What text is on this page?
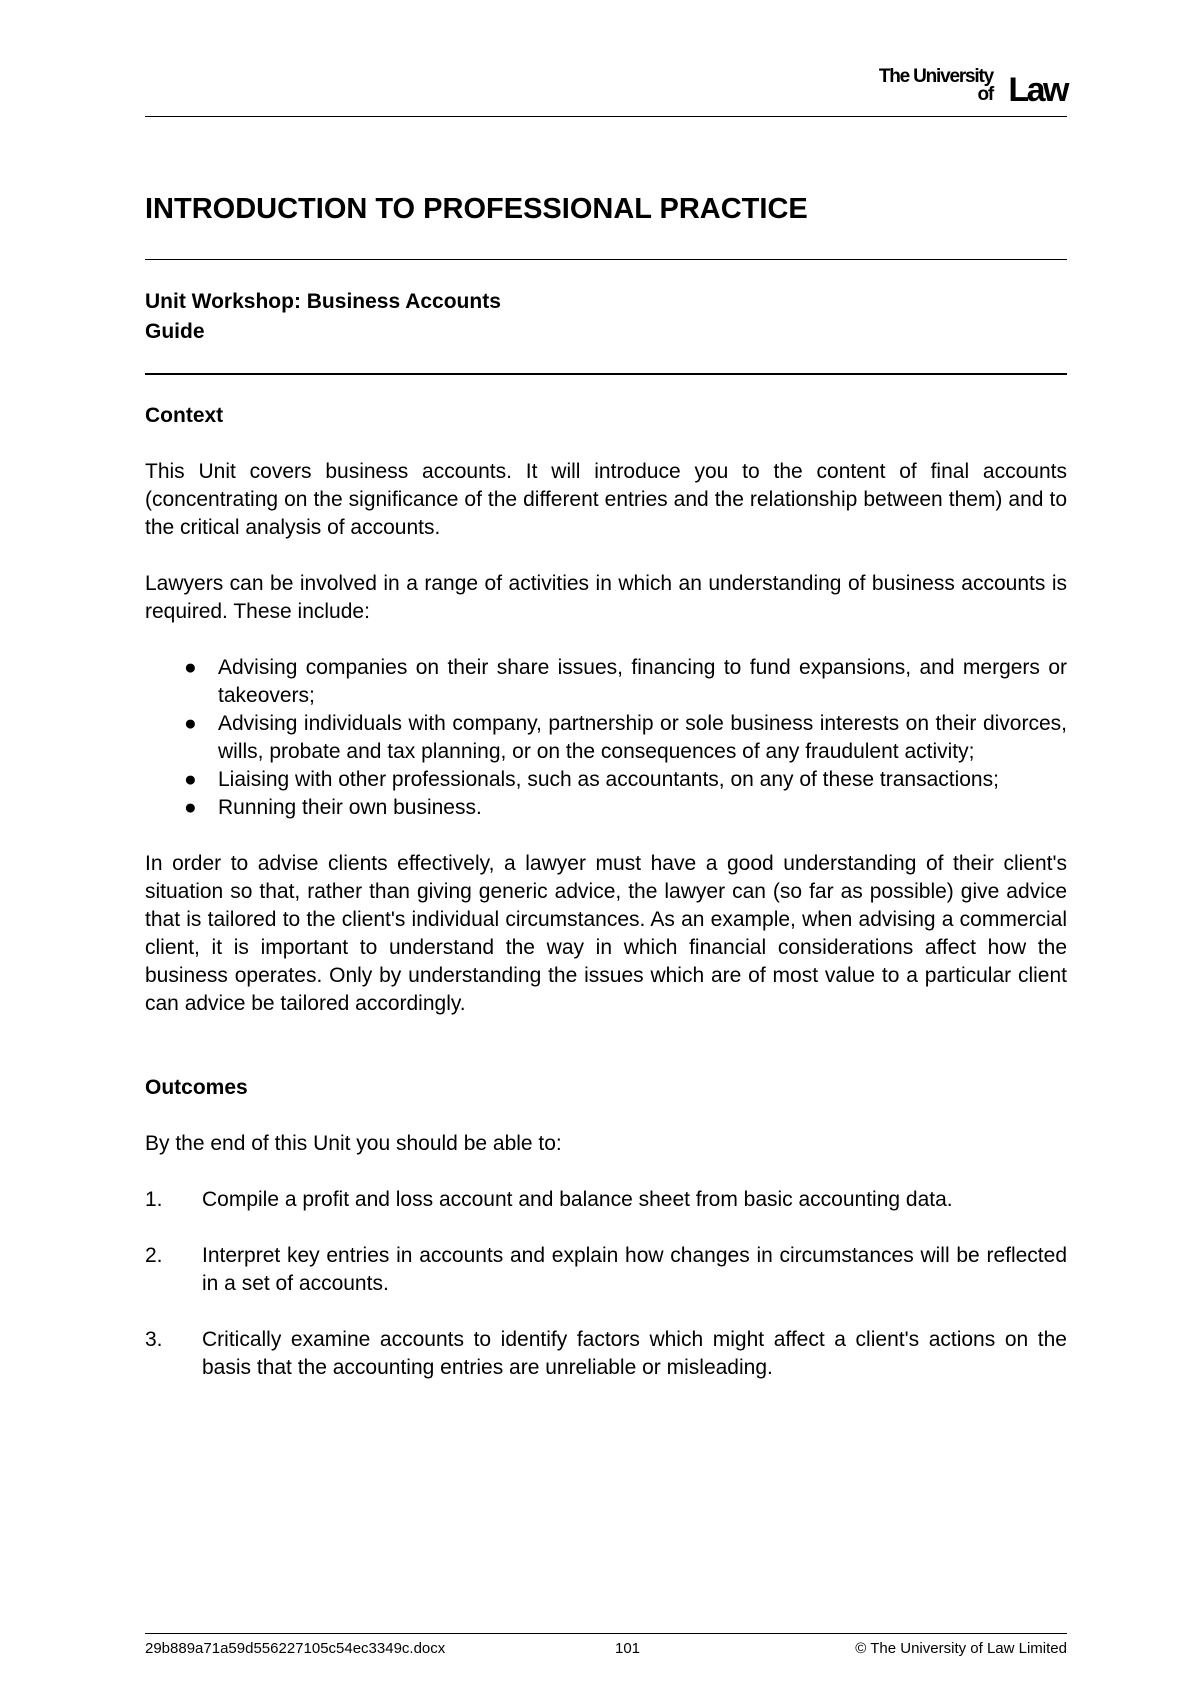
The University
of Law
INTRODUCTION TO PROFESSIONAL PRACTICE
Unit Workshop: Business Accounts
Guide
Context

This Unit covers business accounts. It will introduce you to the content of final accounts (concentrating on the significance of the different entries and the relationship between them) and to the critical analysis of accounts.

Lawyers can be involved in a range of activities in which an understanding of business accounts is required. These include:

● Advising companies on their share issues, financing to fund expansions, and mergers or takeovers;
● Advising individuals with company, partnership or sole business interests on their divorces, wills, probate and tax planning, or on the consequences of any fraudulent activity;
● Liaising with other professionals, such as accountants, on any of these transactions;
● Running their own business.

In order to advise clients effectively, a lawyer must have a good understanding of their client's situation so that, rather than giving generic advice, the lawyer can (so far as possible) give advice that is tailored to the client's individual circumstances. As an example, when advising a commercial client, it is important to understand the way in which financial considerations affect how the business operates. Only by understanding the issues which are of most value to a particular client can advice be tailored accordingly.

Outcomes

By the end of this Unit you should be able to:

1. Compile a profit and loss account and balance sheet from basic accounting data.
2. Interpret key entries in accounts and explain how changes in circumstances will be reflected in a set of accounts.
3. Critically examine accounts to identify factors which might affect a client's actions on the basis that the accounting entries are unreliable or misleading.
29b889a71a59d556227105c54ec3349c.docx	101	© The University of Law Limited
